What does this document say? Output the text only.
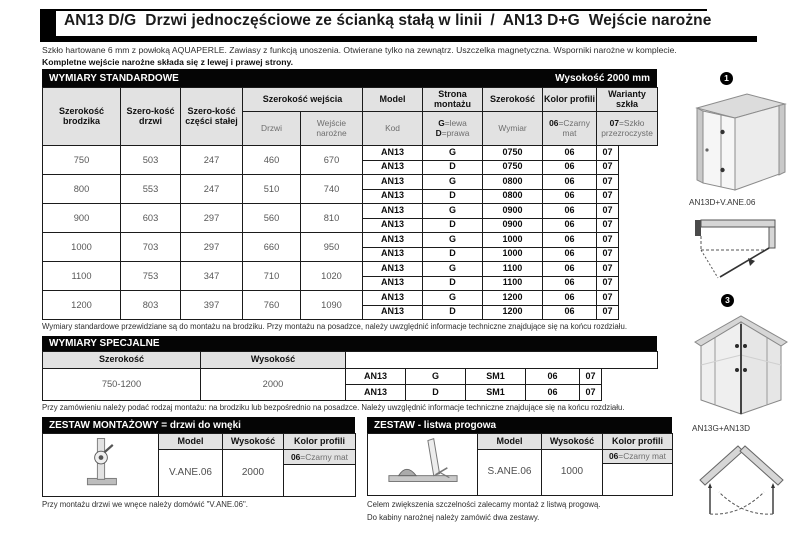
AN13 D/G Drzwi jednoczęściowe ze ścianką stałą w linii / AN13 D+G Wejście narożne
Szkło hartowane 6 mm z powłoką AQUAPERLE. Zawiasy z funkcją unoszenia. Otwierane tylko na zewnątrz. Uszczelka magnetyczna. Wsporniki narożne w komplecie.
Kompletne wejście narożne składa się z lewej i prawej strony.
WYMIARY STANDARDOWE	Wysokość 2000 mm
Szerokość brodzika	Szero-kość drzwi	Szero-kość części stałej	Szerokość wejścia		Model	Strona montażu	Szerokość	Kolor profili	Warianty szkła	
			Drzwi	Wejście narożne	Kod	G=lewa
D=prawa	Wymiar	06=Czarny mat	07=Szkło przezroczyste	
750	503	247	460	670	AN13	G	0750	06	07	
					AN13	D	0750	06	07	
800	553	247	510	740	AN13	G	0800	06	07	
					AN13	D	0800	06	07	
900	603	297	560	810	AN13	G	0900	06	07	
					AN13	D	0900	06	07	
1000	703	297	660	950	AN13	G	1000	06	07	
					AN13	D	1000	06	07	
1100	753	347	710	1020	AN13	G	1100	06	07	
					AN13	D	1100	06	07	
1200	803	397	760	1090	AN13	G	1200	06	07	
					AN13	D	1200	06	07	
Wymiary standardowe przewidziane są do montażu na brodziku. Przy montażu na posadzce, należy uwzględnić informacje techniczne znajdujące się na końcu rozdziału.
WYMIARY SPECJALNE
Szerokość	Wysokość						
750-1200	2000	AN13	G	SM1	06	07	
		AN13	D	SM1	06	07	
Przy zamówieniu należy podać rodzaj montażu: na brodziku lub bezpośrednio na posadzce. Należy uwzględnić informacje techniczne znajdujące się na końcu rozdziału.
ZESTAW MONTAŻOWY = drzwi do wnęki
	Model	Wysokość	Kolor profili
	V.ANE.06	2000	06=Czarny mat

Przy montażu drzwi we wnęce należy domówić "V.ANE.06".
ZESTAW - listwa progowa
	Model	Wysokość	Kolor profili
	S.ANE.06	1000	06=Czarny mat

Celem zwiększenia szczelności zalecamy montaż z listwą progową.
Do kabiny narożnej należy zamówić dwa zestawy.
1
AN13D+V.ANE.06
3
AN13G+AN13D
